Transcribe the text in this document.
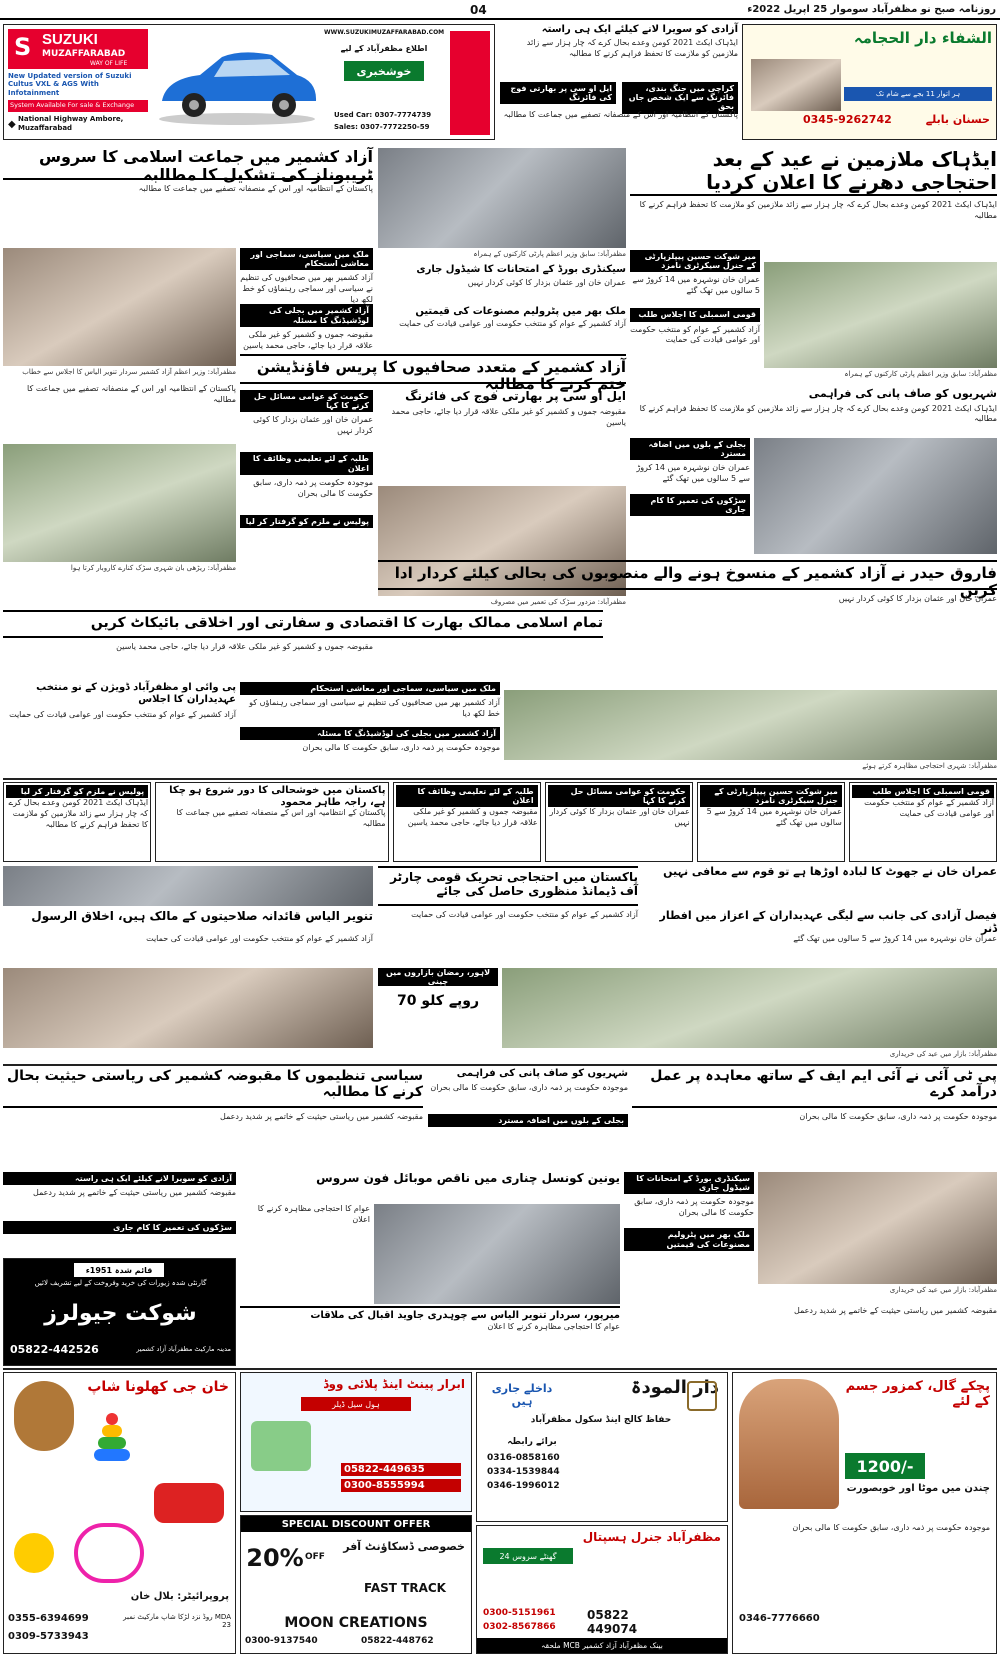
04	روزنامہ صبح نو مظفرآباد سوموار 25 اپریل 2022ء
SUZUKI
S MUZAFFARABAD
WAY OF LIFE
New Updated version of Suzuki Cultus VXL & AGS With Infotainment
System Available For sale & Exchange
National Highway Ambore, Muzaffarabad
◆
WWW.SUZUKIMUZAFFARABAD.COM
اطلاع مظفرآباد کے لیے
خوشخبری
Used Car: 0307-7774739
Sales: 0307-7772250-59
آزادی کو سویرا لانے کیلئے ایک ہی راستہ
ایڈہاک ایکٹ 2021 کومن وعدے بحال کرے کہ چار ہزار سے زائد ملازمین کو ملازمت کا تحفظ فراہم کرنے کا مطالبہ
کراچی میں جنگ بندی، فائرنگ سے ایک شخص جاں بحق
ایل او سی پر بھارتی فوج کی فائرنگ
پاکستان کے انتظامیہ اور اس کے منصفانہ تصفیے میں جماعت کا مطالبہ
الشفاء دار الحجامہ
ہر اتوار 11 بجے سے شام تک
0345-9262742	حسنان بابلے
ایڈہاک ملازمین نے عید کے بعد احتجاجی دھرنے کا اعلان کردیا
ایڈہاک ایکٹ 2021 کومن وعدے بحال کرے کہ چار ہزار سے زائد ملازمین کو ملازمت کا تحفظ فراہم کرنے کا مطالبہ
آزاد کشمیر میں جماعت اسلامی کا سروس ٹریبونلز کی تشکیل کا مطالبہ
پاکستان کے انتظامیہ اور اس کے منصفانہ تصفیے میں جماعت کا مطالبہ
مظفرآباد: سابق وزیر اعظم پارٹی کارکنوں کے ہمراہ
مظفرآباد: وزیر اعظم آزاد کشمیر سردار تنویر الیاس کا اجلاس سے خطاب
ملک میں سیاسی، سماجی اور معاشی استحکام
آزاد کشمیر بھر میں صحافیوں کی تنظیم نے سیاسی اور سماجی رہنماؤں کو خط لکھ دیا
آزاد کشمیر میں بجلی کی لوڈشیڈنگ کا مسئلہ
مقبوضہ جموں و کشمیر کو غیر ملکی علاقہ قرار دیا جائے، حاجی محمد یاسین
سیکنڈری بورڈ کے امتحانات کا شیڈول جاری
عمران خان اور عثمان بزدار کا کوئی کردار نہیں
ملک بھر میں پٹرولیم مصنوعات کی قیمتیں
آزاد کشمیر کے عوام کو منتخب حکومت اور عوامی قیادت کی حمایت
میر شوکت حسین پیپلزپارٹی کے جنرل سیکرٹری نامزد
عمران خان نوشہرہ میں 14 کروڑ سے 5 سالوں میں تھک گئے
قومی اسمبلی کا اجلاس طلب
آزاد کشمیر کے عوام کو منتخب حکومت اور عوامی قیادت کی حمایت
مظفرآباد: سابق وزیر اعظم پارٹی کارکنوں کے ہمراہ
آزاد کشمیر کے متعدد صحافیوں کا پریس فاؤنڈیشن ختم کرنے کا مطالبہ
پاکستان کے انتظامیہ اور اس کے منصفانہ تصفیے میں جماعت کا مطالبہ
مظفرآباد: ریڑھی بان شہری سڑک کنارے کاروبار کرتا ہوا
حکومت کو عوامی مسائل حل کرنے کا کہا
عمران خان اور عثمان بزدار کا کوئی کردار نہیں
طلبہ کے لئے تعلیمی وظائف کا اعلان
موجودہ حکومت پر ذمہ داری، سابق حکومت کا مالی بحران
پولیس نے ملزم کو گرفتار کر لیا
ایل او سی پر بھارتی فوج کی فائرنگ
مقبوضہ جموں و کشمیر کو غیر ملکی علاقہ قرار دیا جائے، حاجی محمد یاسین
مظفرآباد: مزدور سڑک کی تعمیر میں مصروف
شہریوں کو صاف پانی کی فراہمی
ایڈہاک ایکٹ 2021 کومن وعدے بحال کرے کہ چار ہزار سے زائد ملازمین کو ملازمت کا تحفظ فراہم کرنے کا مطالبہ
بجلی کے بلوں میں اضافہ مسترد
عمران خان نوشہرہ میں 14 کروڑ سے 5 سالوں میں تھک گئے
سڑکوں کی تعمیر کا کام جاری
فاروق حیدر نے آزاد کشمیر کے منسوخ ہونے والے منصوبوں کی بحالی کیلئے کردار ادا کریں
عمران خان اور عثمان بزدار کا کوئی کردار نہیں
تمام اسلامی ممالک بھارت کا اقتصادی و سفارتی اور اخلاقی بائیکاٹ کریں
مقبوضہ جموں و کشمیر کو غیر ملکی علاقہ قرار دیا جائے، حاجی محمد یاسین
پی وائی او مظفرآباد ڈویژن کے نو منتخب عہدیداران کا اجلاس
آزاد کشمیر کے عوام کو منتخب حکومت اور عوامی قیادت کی حمایت
ملک میں سیاسی، سماجی اور معاشی استحکام
آزاد کشمیر بھر میں صحافیوں کی تنظیم نے سیاسی اور سماجی رہنماؤں کو خط لکھ دیا
آزاد کشمیر میں بجلی کی لوڈشیڈنگ کا مسئلہ
موجودہ حکومت پر ذمہ داری، سابق حکومت کا مالی بحران
مظفرآباد: شہری احتجاجی مظاہرہ کرتے ہوئے
قومی اسمبلی کا اجلاس طلب
آزاد کشمیر کے عوام کو منتخب حکومت اور عوامی قیادت کی حمایت
میر شوکت حسین پیپلزپارٹی کے جنرل سیکرٹری نامزد
عمران خان نوشہرہ میں 14 کروڑ سے 5 سالوں میں تھک گئے
حکومت کو عوامی مسائل حل کرنے کا کہا
عمران خان اور عثمان بزدار کا کوئی کردار نہیں
طلبہ کے لئے تعلیمی وظائف کا اعلان
مقبوضہ جموں و کشمیر کو غیر ملکی علاقہ قرار دیا جائے، حاجی محمد یاسین
پاکستان میں خوشحالی کا دور شروع ہو چکا ہے، راجہ طاہر محمود
پاکستان کے انتظامیہ اور اس کے منصفانہ تصفیے میں جماعت کا مطالبہ
پولیس نے ملزم کو گرفتار کر لیا
ایڈہاک ایکٹ 2021 کومن وعدے بحال کرے کہ چار ہزار سے زائد ملازمین کو ملازمت کا تحفظ فراہم کرنے کا مطالبہ
پاکستان میں احتجاجی تحریک قومی چارٹر آف ڈیمانڈ منظوری حاصل کی جائے
عمران خان نے جھوٹ کا لبادہ اوڑھا ہے تو قوم سے معافی نہیں
تنویر الیاس قائدانہ صلاحیتوں کے مالک ہیں، اخلاق الرسول
آزاد کشمیر کے عوام کو منتخب حکومت اور عوامی قیادت کی حمایت
آزاد کشمیر کے عوام کو منتخب حکومت اور عوامی قیادت کی حمایت	فیصل آزادی کی جانب سے لیگی عہدیداران کے اعزاز میں افطار ڈنر
عمران خان نوشہرہ میں 14 کروڑ سے 5 سالوں میں تھک گئے
لاہور، رمضان بازاروں میں چینی
70 روپے کلو
مظفرآباد: بازار میں عید کی خریداری
سیاسی تنظیموں کا مقبوضہ کشمیر کی ریاستی حیثیت بحال کرنے کا مطالبہ
مقبوضہ کشمیر میں ریاستی حیثیت کے خاتمے پر شدید ردعمل
شہریوں کو صاف پانی کی فراہمی
موجودہ حکومت پر ذمہ داری، سابق حکومت کا مالی بحران
بجلی کے بلوں میں اضافہ مسترد
پی ٹی آئی نے آئی ایم ایف کے ساتھ معاہدہ پر عمل درآمد کرے
موجودہ حکومت پر ذمہ داری، سابق حکومت کا مالی بحران
آزادی کو سویرا لانے کیلئے ایک ہی راستہ
مقبوضہ کشمیر میں ریاستی حیثیت کے خاتمے پر شدید ردعمل
سڑکوں کی تعمیر کا کام جاری
یونین کونسل چناری میں ناقص موبائل فون سروس
عوام کا احتجاجی مظاہرہ کرنے کا اعلان
سیکنڈری بورڈ کے امتحانات کا شیڈول جاری
موجودہ حکومت پر ذمہ داری، سابق حکومت کا مالی بحران
ملک بھر میں پٹرولیم مصنوعات کی قیمتیں
مظفرآباد: بازار میں عید کی خریداری
قائم شدہ 1951ء
گارنٹی شدہ زیورات کی خرید وفروخت کے لیے تشریف لائیں
شوکت جیولرز
05822-442526	مدینہ مارکیٹ مظفرآباد آزاد کشمیر
میرپور، سردار تنویر الیاس سے چوہدری جاوید اقبال کی ملاقات
عوام کا احتجاجی مظاہرہ کرنے کا اعلان
مقبوضہ کشمیر میں ریاستی حیثیت کے خاتمے پر شدید ردعمل
خان جی کھلونا شاپ
پروپرائیٹر: بلال خان
0355-6394699
0309-5733943
MDA روڈ نزد لڑکا شاپ مارکیٹ نمبر 23
ابرار پینٹ اینڈ پلائی ووڈ
ہول سیل ڈیلر
05822-449635
0300-8555994
SPECIAL DISCOUNT OFFER
20% OFF
خصوصی ڈسکاؤنٹ آفر
FAST TRACK
MOON CREATIONS
0300-9137540	05822-448762
دار المودۃ
داخلے جاری ہیں
حفاظ کالج اینڈ سکول مظفرآباد
برائے رابطہ
0316-0858160
0334-1539844
0346-1996012
مظفرآباد جنرل ہسپتال
24 گھنٹے سروس
05822
449074
0300-5151961
0302-8567866
ملحقہ MCB بینک مظفرآباد آزاد کشمیر
پچکے گال، کمزور جسم کے لئے
1200/-
چندن میں موٹا اور خوبصورت
موجودہ حکومت پر ذمہ داری، سابق حکومت کا مالی بحران
0346-7776660
